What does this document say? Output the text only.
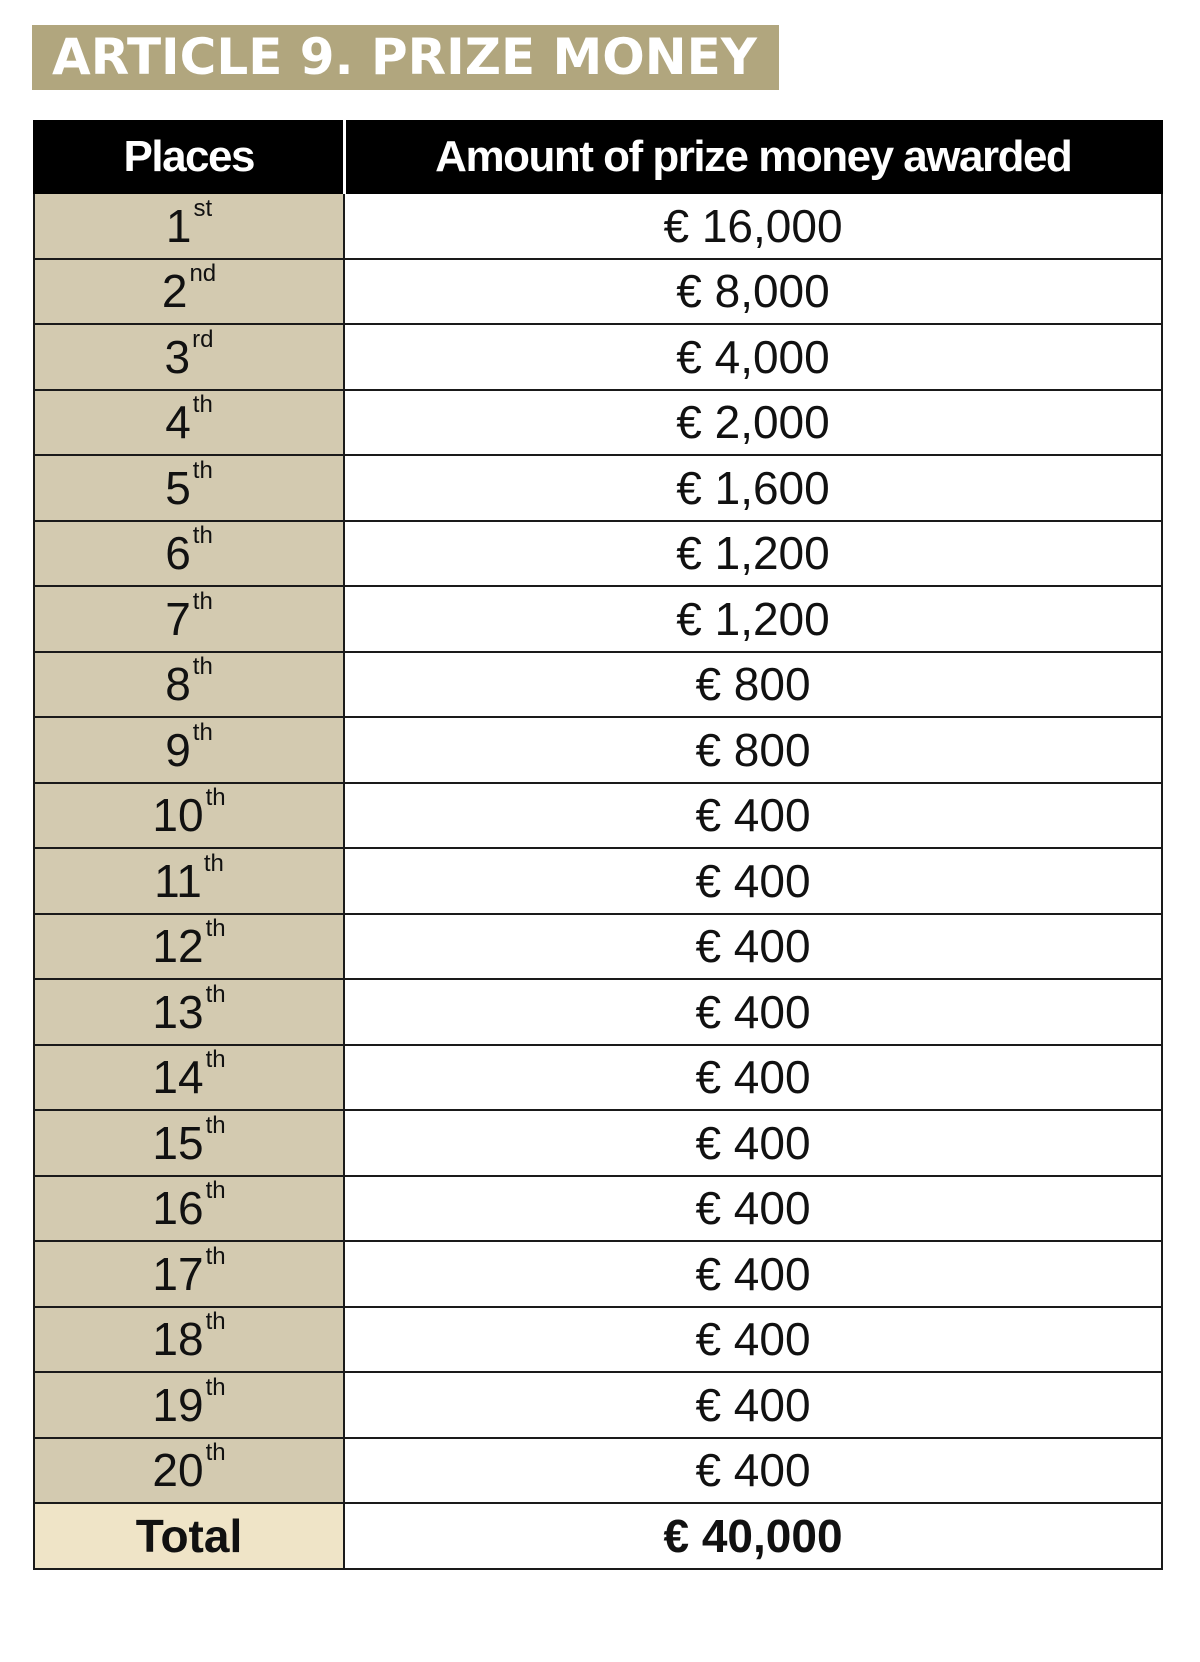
ARTICLE 9. PRIZE MONEY
Places	Amount of prize money awarded
1st	€ 16,000
2nd	€ 8,000
3rd	€ 4,000
4th	€ 2,000
5th	€ 1,600
6th	€ 1,200
7th	€ 1,200
8th	€ 800
9th	€ 800
10th	€ 400
11th	€ 400
12th	€ 400
13th	€ 400
14th	€ 400
15th	€ 400
16th	€ 400
17th	€ 400
18th	€ 400
19th	€ 400
20th	€ 400
Total	€ 40,000
